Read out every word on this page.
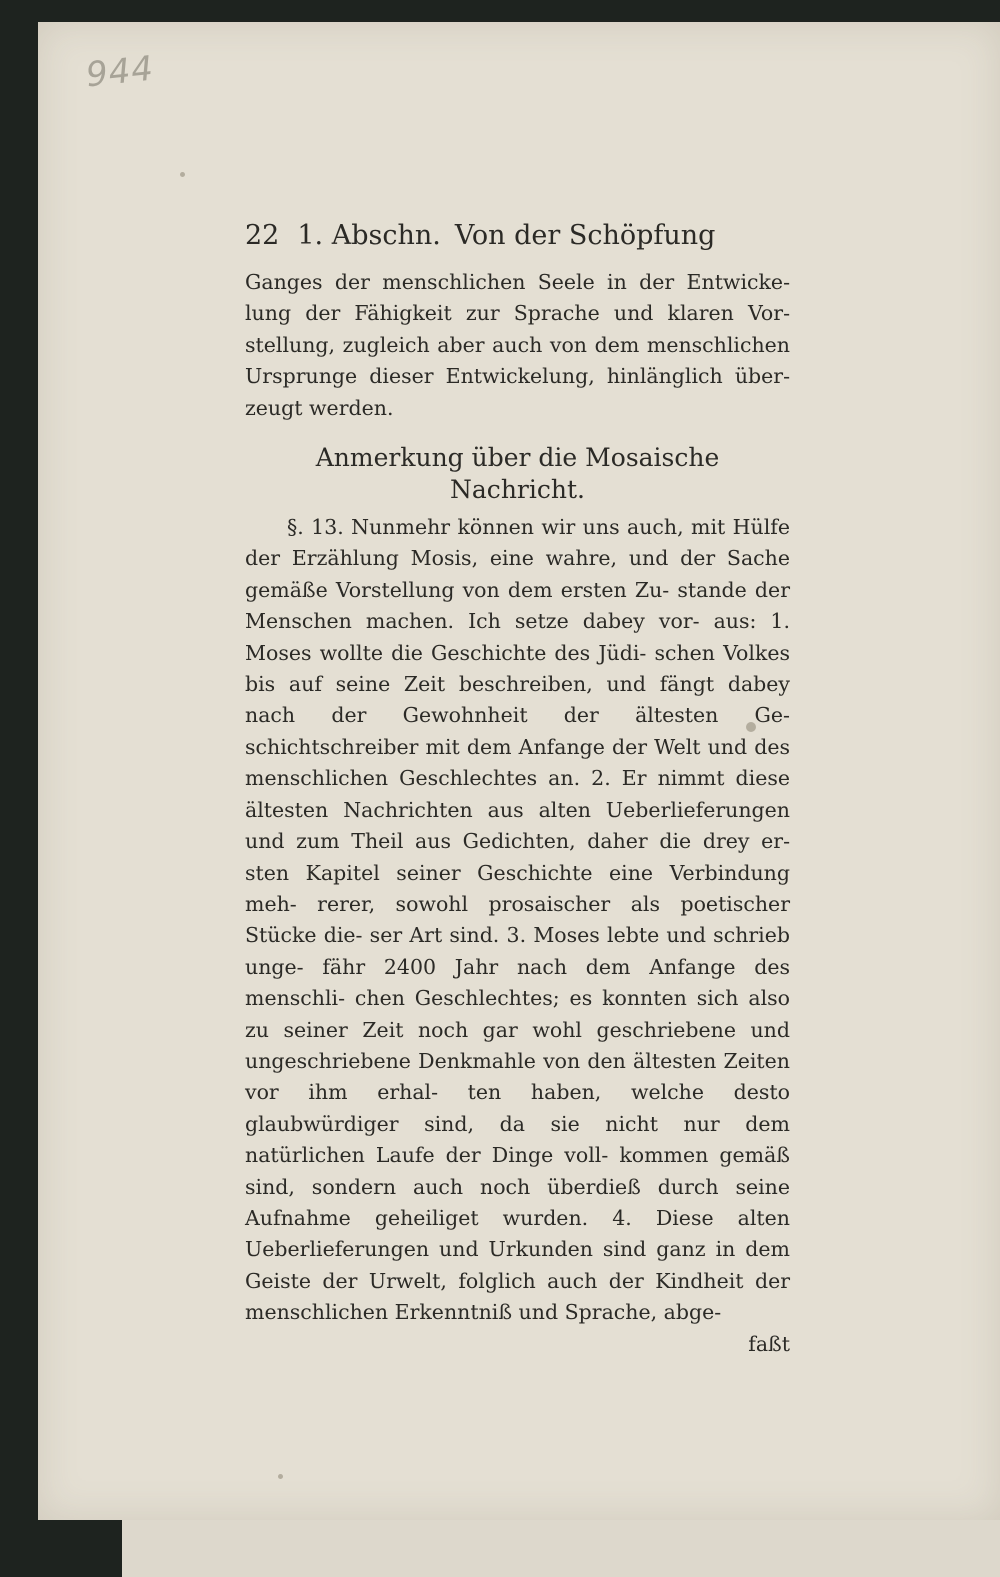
944
22 1. Abschn. Von der Schöpfung

Ganges der menschlichen Seele in der Entwicke- lung der Fähigkeit zur Sprache und klaren Vor- stellung, zugleich aber auch von dem menschlichen Ursprunge dieser Entwickelung, hinlänglich über- zeugt werden.

Anmerkung über die Mosaische Nachricht.

§. 13. Nunmehr können wir uns auch, mit Hülfe der Erzählung Mosis, eine wahre, und der Sache gemäße Vorstellung von dem ersten Zu- stande der Menschen machen. Ich setze dabey vor- aus: 1. Moses wollte die Geschichte des Jüdi- schen Volkes bis auf seine Zeit beschreiben, und fängt dabey nach der Gewohnheit der ältesten Ge- schichtschreiber mit dem Anfange der Welt und des menschlichen Geschlechtes an. 2. Er nimmt diese ältesten Nachrichten aus alten Ueberlieferungen und zum Theil aus Gedichten, daher die drey er- sten Kapitel seiner Geschichte eine Verbindung meh- rerer, sowohl prosaischer als poetischer Stücke die- ser Art sind. 3. Moses lebte und schrieb unge- fähr 2400 Jahr nach dem Anfange des menschli- chen Geschlechtes; es konnten sich also zu seiner Zeit noch gar wohl geschriebene und ungeschriebene Denkmahle von den ältesten Zeiten vor ihm erhal- ten haben, welche desto glaubwürdiger sind, da sie nicht nur dem natürlichen Laufe der Dinge voll- kommen gemäß sind, sondern auch noch überdieß durch seine Aufnahme geheiliget wurden. 4. Diese alten Ueberlieferungen und Urkunden sind ganz in dem Geiste der Urwelt, folglich auch der Kindheit der menschlichen Erkenntniß und Sprache, abge-

faßt
